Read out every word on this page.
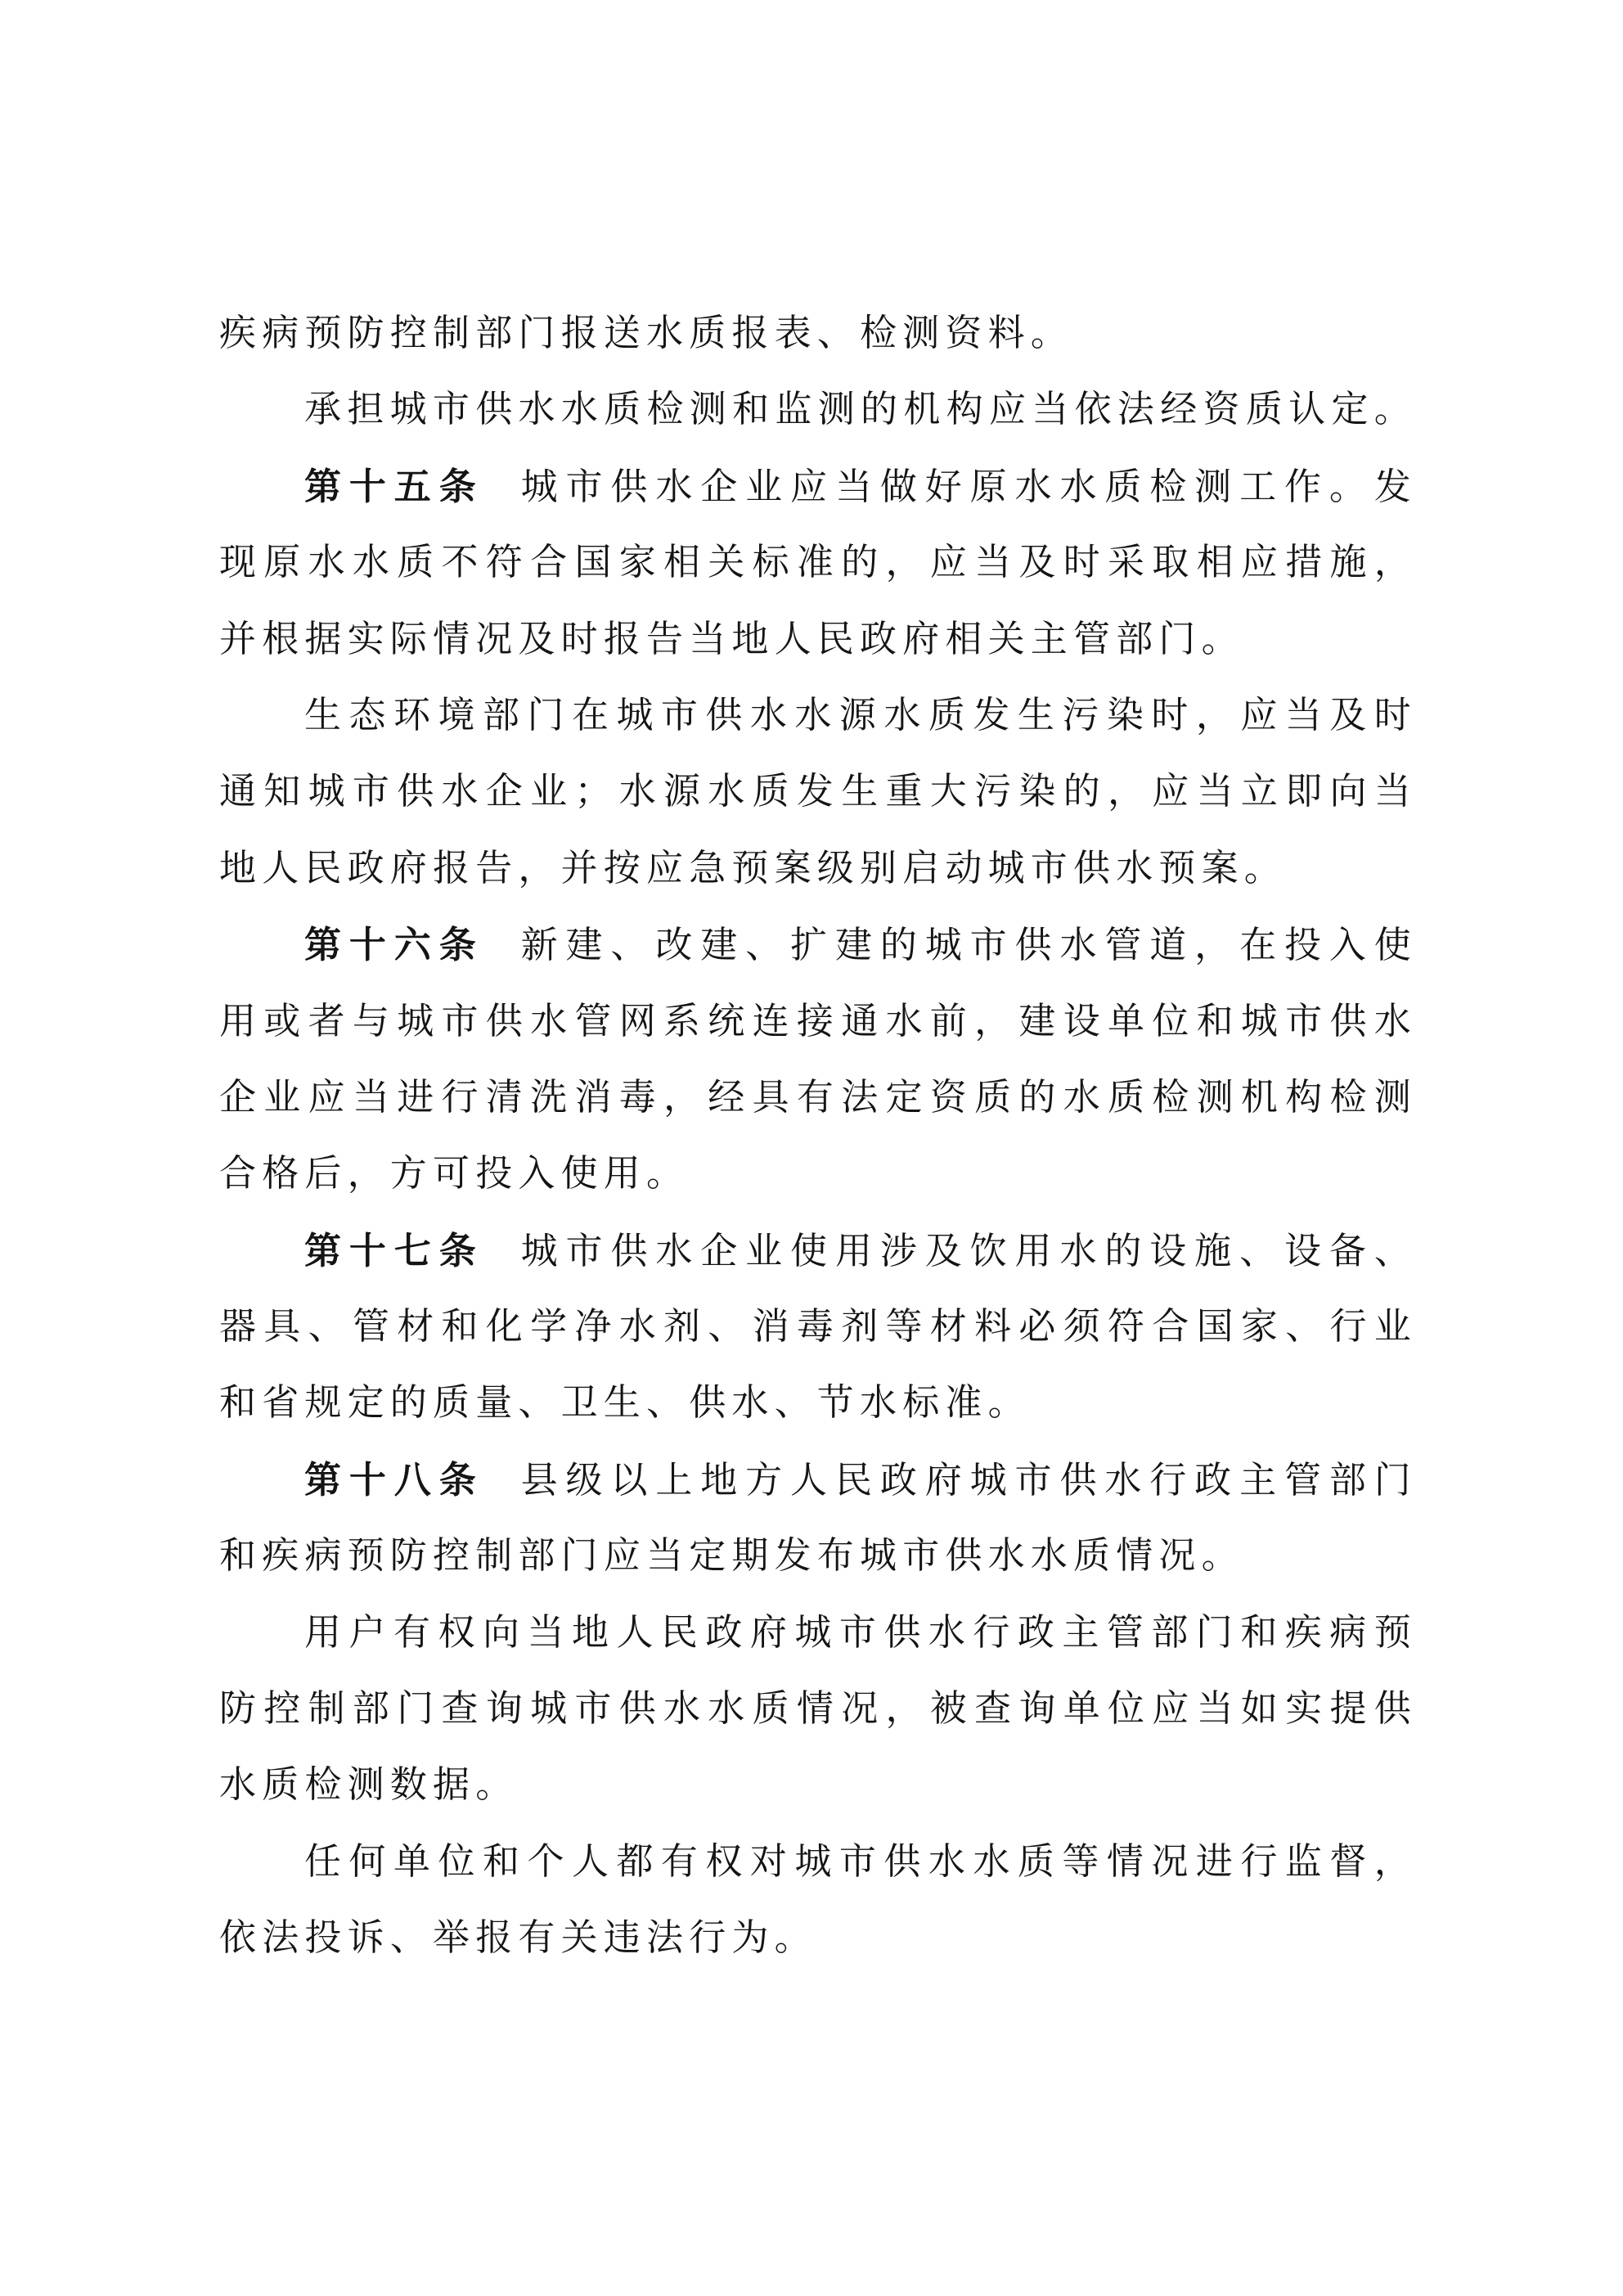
疾病预防控制部门报送水质报表、检测资料。
承担城市供水水质检测和监测的机构应当依法经资质认定。
第十五条 城市供水企业应当做好原水水质检测工作。发
现原水水质不符合国家相关标准的，应当及时采取相应措施，
并根据实际情况及时报告当地人民政府相关主管部门。
生态环境部门在城市供水水源水质发生污染时，应当及时
通知城市供水企业；水源水质发生重大污染的，应当立即向当
地人民政府报告，并按应急预案级别启动城市供水预案。
第十六条 新建、改建、扩建的城市供水管道，在投入使
用或者与城市供水管网系统连接通水前，建设单位和城市供水
企业应当进行清洗消毒，经具有法定资质的水质检测机构检测
合格后，方可投入使用。
第十七条 城市供水企业使用涉及饮用水的设施、设备、
器具、管材和化学净水剂、消毒剂等材料必须符合国家、行业
和省规定的质量、卫生、供水、节水标准。
第十八条 县级以上地方人民政府城市供水行政主管部门
和疾病预防控制部门应当定期发布城市供水水质情况。
用户有权向当地人民政府城市供水行政主管部门和疾病预
防控制部门查询城市供水水质情况，被查询单位应当如实提供
水质检测数据。
任何单位和个人都有权对城市供水水质等情况进行监督，
依法投诉、举报有关违法行为。
